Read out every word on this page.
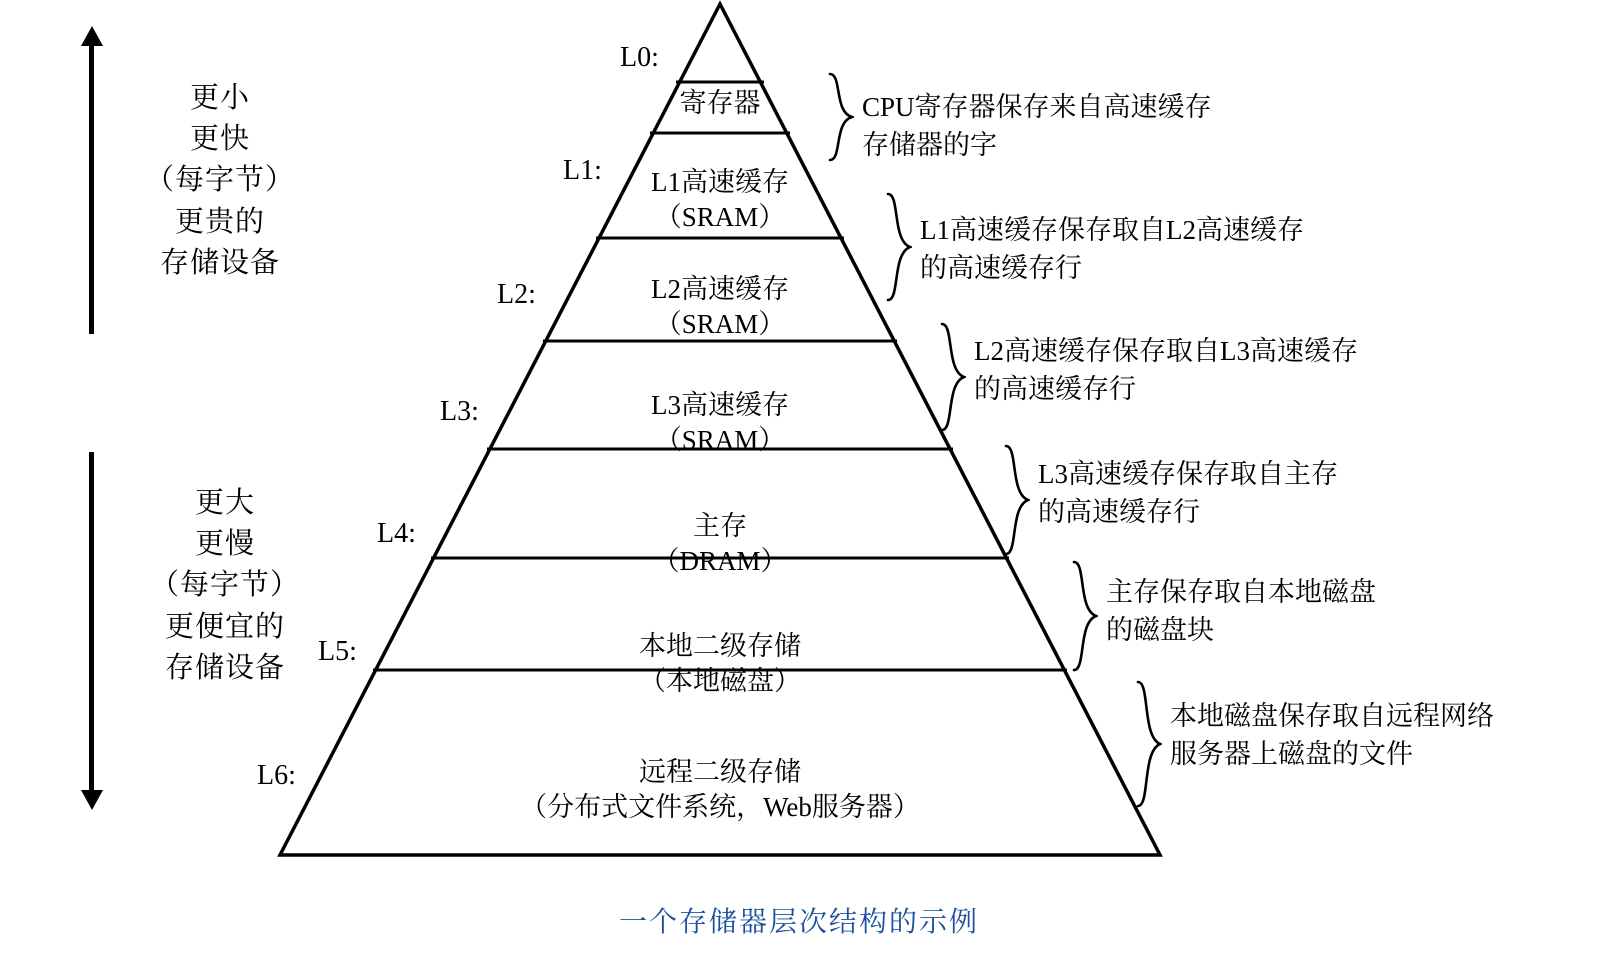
更小
更快
（每字节）
更贵的
存储设备
更大
更慢
（每字节）
更便宜的
存储设备
L0:
L1:
L2:
L3:
L4:
L5:
L6:
寄存器
L1高速缓存
（SRAM）
L2高速缓存
（SRAM）
L3高速缓存
（SRAM）
主存
（DRAM）
本地二级存储
（本地磁盘）
远程二级存储
（分布式文件系统，Web服务器）
CPU寄存器保存来自高速缓存
存储器的字
L1高速缓存保存取自L2高速缓存
的高速缓存行
L2高速缓存保存取自L3高速缓存
的高速缓存行
L3高速缓存保存取自主存
的高速缓存行
主存保存取自本地磁盘
的磁盘块
本地磁盘保存取自远程网络
服务器上磁盘的文件
一个存储器层次结构的示例
